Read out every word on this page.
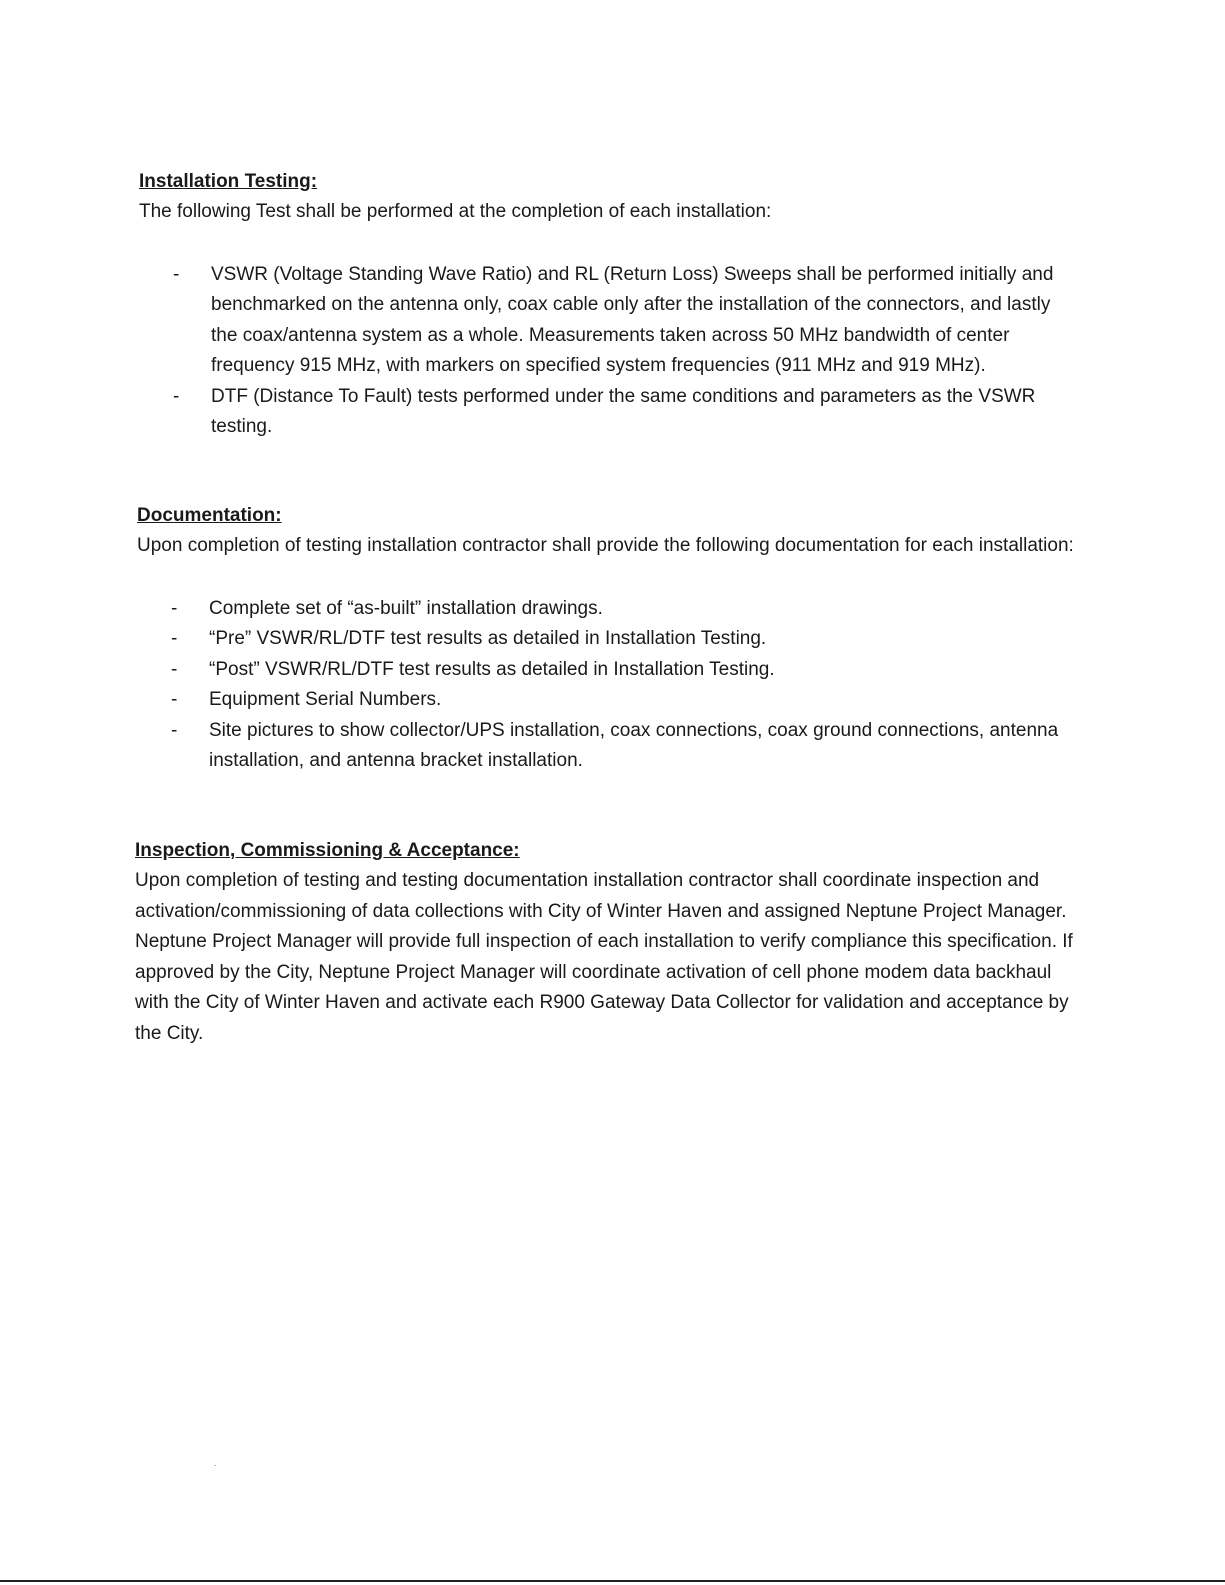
Installation Testing:

The following Test shall be performed at the completion of each installation:

- VSWR (Voltage Standing Wave Ratio) and RL (Return Loss) Sweeps shall be performed initially and benchmarked on the antenna only, coax cable only after the installation of the connectors, and lastly the coax/antenna system as a whole. Measurements taken across 50 MHz bandwidth of center frequency 915 MHz, with markers on specified system frequencies (911 MHz and 919 MHz).
- DTF (Distance To Fault) tests performed under the same conditions and parameters as the VSWR testing.

Documentation:

Upon completion of testing installation contractor shall provide the following documentation for each installation:

- Complete set of “as-built” installation drawings.
- “Pre” VSWR/RL/DTF test results as detailed in Installation Testing.
- “Post” VSWR/RL/DTF test results as detailed in Installation Testing.
- Equipment Serial Numbers.
- Site pictures to show collector/UPS installation, coax connections, coax ground connections, antenna installation, and antenna bracket installation.

Inspection, Commissioning & Acceptance:

Upon completion of testing and testing documentation installation contractor shall coordinate inspection and activation/commissioning of data collections with City of Winter Haven and assigned Neptune Project Manager. Neptune Project Manager will provide full inspection of each installation to verify compliance this specification. If approved by the City, Neptune Project Manager will coordinate activation of cell phone modem data backhaul with the City of Winter Haven and activate each R900 Gateway Data Collector for validation and acceptance by the City.
